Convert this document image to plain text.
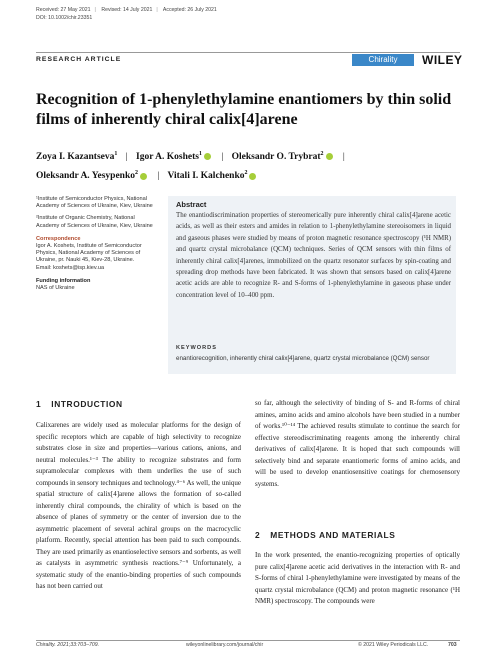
Received: 27 May 2021 | Revised: 14 July 2021 | Accepted: 26 July 2021
DOI: 10.1002/chir.23351
RESEARCH ARTICLE	Chirality	WILEY
Recognition of 1-phenylethylamine enantiomers by thin solid films of inherently chiral calix[4]arene
Zoya I. Kazantseva$^1$ | Igor A. Koshets$^1$ | Oleksandr O. Trybrat$^2$ |
Oleksandr A. Yesypenko$^2$ | Vitali I. Kalchenko$^2$
¹Institute of Semiconductor Physics, National Academy of Sciences of Ukraine, Kiev, Ukraine
²Institute of Organic Chemistry, National Academy of Sciences of Ukraine, Kiev, Ukraine
Correspondence
Igor A. Koshets, Institute of Semiconductor Physics, National Academy of Sciences of Ukraine, pr. Nauki 45, Kiev-28, Ukraine.
Email: koshets@isp.kiev.ua
Funding information
NAS of Ukraine
Abstract
The enantiodiscrimination properties of stereomerically pure inherently chiral calix[4]arene acetic acids, as well as their esters and amides in relation to 1-phenylethylamine stereoisomers in liquid and gaseous phases were studied by means of proton magnetic resonance spectroscopy (¹H NMR) and quartz crystal microbalance (QCM) techniques. Series of QCM sensors with thin films of inherently chiral calix[4]arenes, immobilized on the quartz resonator surfaces by spin-coating and spreading drop methods have been fabricated. It was shown that sensors based on calix[4]arene acetic acids are able to recognize R- and S-forms of 1-phenylethylamine in gaseous phase under concentration level of 10–400 ppm.
KEYWORDS
enantiorecognition, inherently chiral calix[4]arene, quartz crystal microbalance (QCM) sensor
1 INTRODUCTION
Calixarenes are widely used as molecular platforms for the design of specific receptors which are capable of high selectivity to recognize substrates close in size and properties—various cations, anions, and neutral molecules.¹⁻³ The ability to recognize substrates and form supramolecular complexes with them underlies the use of such compounds in sensory techniques and technology.⁴⁻⁶ As well, the unique spatial structure of calix[4]arene allows the formation of so-called inherently chiral compounds, the chirality of which is based on the absence of planes of symmetry or the center of inversion due to the asymmetric placement of several achiral groups on the macrocyclic platform. Recently, special attention has been paid to such compounds. They are used primarily as enantioselective sensors and sorbents, as well as catalysts in asymmetric synthesis reactions.⁷⁻⁹ Unfortunately, a systematic study of the enantio-binding properties of such compounds has not been carried out
so far, although the selectivity of binding of S- and R-forms of chiral amines, amino acids and amino alcohols have been studied in a number of works.¹⁰⁻¹⁴ The achieved results stimulate to continue the search for effective stereodiscriminating reagents among the inherently chiral derivatives of calix[4]arene. It is hoped that such compounds will selectively bind and separate enantiomeric forms of amino acids, and will be used to develop enantiosensitive coatings for chemosensory systems.
2 METHODS AND MATERIALS
In the work presented, the enantio-recognizing properties of optically pure calix[4]arene acetic acid derivatives in the interaction with R- and S-forms of chiral 1-phenylethylamine were investigated by means of the quartz crystal microbalance (QCM) and proton magnetic resonance (¹H NMR) spectroscopy. The compounds were
Chirality. 2021;33:703–709.	wileyonlinelibrary.com/journal/chir	© 2021 Wiley Periodicals LLC.	703
